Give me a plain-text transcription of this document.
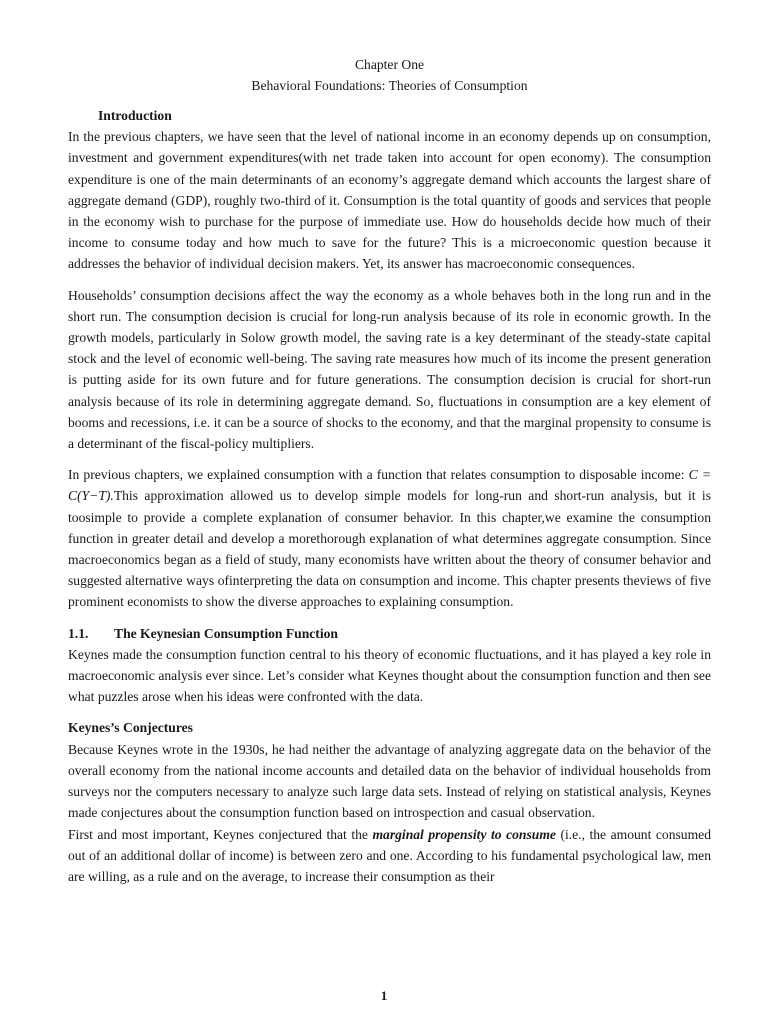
Chapter One
Behavioral Foundations: Theories of Consumption
Introduction

In the previous chapters, we have seen that the level of national income in an economy depends up on consumption, investment and government expenditures(with net trade taken into account for open economy). The consumption expenditure is one of the main determinants of an economy’s aggregate demand which accounts the largest share of aggregate demand (GDP), roughly two-third of it. Consumption is the total quantity of goods and services that people in the economy wish to purchase for the purpose of immediate use. How do households decide how much of their income to consume today and how much to save for the future? This is a microeconomic question because it addresses the behavior of individual decision makers. Yet, its answer has macroeconomic consequences.

Households’ consumption decisions affect the way the economy as a whole behaves both in the long run and in the short run. The consumption decision is crucial for long-run analysis because of its role in economic growth. In the growth models, particularly in Solow growth model, the saving rate is a key determinant of the steady-state capital stock and the level of economic well-being. The saving rate measures how much of its income the present generation is putting aside for its own future and for future generations. The consumption decision is crucial for short-run analysis because of its role in determining aggregate demand. So, fluctuations in consumption are a key element of booms and recessions, i.e. it can be a source of shocks to the economy, and that the marginal propensity to consume is a determinant of the fiscal-policy multipliers.

In previous chapters, we explained consumption with a function that relates consumption to disposable income: C = C(Y−T).This approximation allowed us to develop simple models for long-run and short-run analysis, but it is toosimple to provide a complete explanation of consumer behavior. In this chapter,we examine the consumption function in greater detail and develop a morethorough explanation of what determines aggregate consumption. Since macroeconomics began as a field of study, many economists have written about the theory of consumer behavior and suggested alternative ways ofinterpreting the data on consumption and income. This chapter presents theviews of five prominent economists to show the diverse approaches to explaining consumption.

1.1. The Keynesian Consumption Function

Keynes made the consumption function central to his theory of economic fluctuations, and it has played a key role in macroeconomic analysis ever since. Let’s consider what Keynes thought about the consumption function and then see what puzzles arose when his ideas were confronted with the data.

Keynes’s Conjectures

Because Keynes wrote in the 1930s, he had neither the advantage of analyzing aggregate data on the behavior of the overall economy from the national income accounts and detailed data on the behavior of individual households from surveys nor the computers necessary to analyze such large data sets. Instead of relying on statistical analysis, Keynes made conjectures about the consumption function based on introspection and casual observation.

First and most important, Keynes conjectured that the marginal propensity to consume (i.e., the amount consumed out of an additional dollar of income) is between zero and one. According to his fundamental psychological law, men are willing, as a rule and on the average, to increase their consumption as their

1
